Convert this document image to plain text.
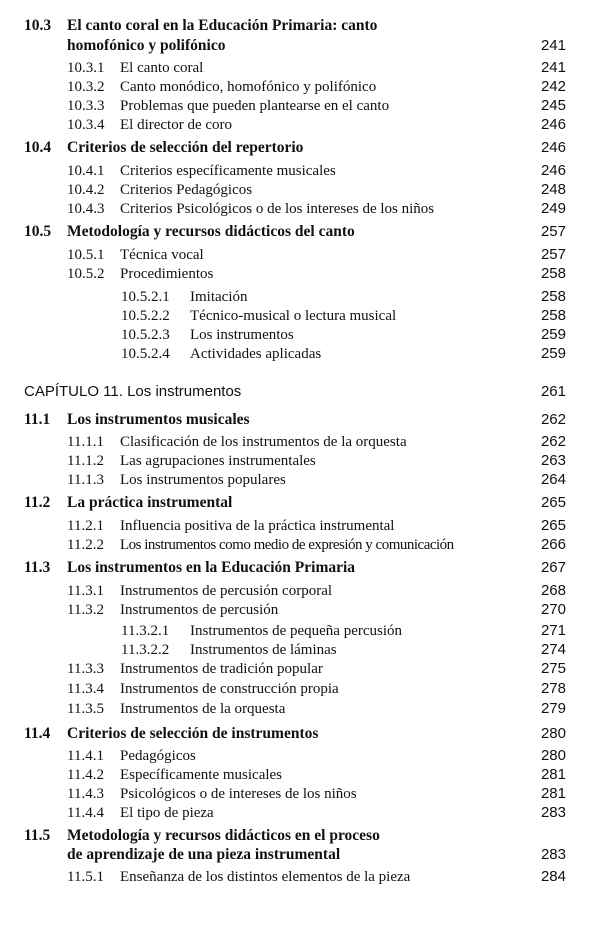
10.3 El canto coral en la Educación Primaria: canto
homofónico y polifónico	241
10.3.1 El canto coral	241
10.3.2 Canto monódico, homofónico y polifónico	242
10.3.3 Problemas que pueden plantearse en el canto	245
10.3.4 El director de coro	246
10.4 Criterios de selección del repertorio	246
10.4.1 Criterios específicamente musicales	246
10.4.2 Criterios Pedagógicos	248
10.4.3 Criterios Psicológicos o de los intereses de los niños	249
10.5 Metodología y recursos didácticos del canto	257
10.5.1 Técnica vocal	257
10.5.2 Procedimientos	258
10.5.2.1 Imitación	258
10.5.2.2 Técnico-musical o lectura musical	258
10.5.2.3 Los instrumentos	259
10.5.2.4 Actividades aplicadas	259
CAPÍTULO 11. Los instrumentos	261
11.1 Los instrumentos musicales	262
11.1.1 Clasificación de los instrumentos de la orquesta	262
11.1.2 Las agrupaciones instrumentales	263
11.1.3 Los instrumentos populares	264
11.2 La práctica instrumental	265
11.2.1 Influencia positiva de la práctica instrumental	265
11.2.2 Los instrumentos como medio de expresión y comunicación	266
11.3 Los instrumentos en la Educación Primaria	267
11.3.1 Instrumentos de percusión corporal	268
11.3.2 Instrumentos de percusión	270
11.3.2.1 Instrumentos de pequeña percusión	271
11.3.2.2 Instrumentos de láminas	274
11.3.3 Instrumentos de tradición popular	275
11.3.4 Instrumentos de construcción propia	278
11.3.5 Instrumentos de la orquesta	279
11.4 Criterios de selección de instrumentos	280
11.4.1 Pedagógicos	280
11.4.2 Específicamente musicales	281
11.4.3 Psicológicos o de intereses de los niños	281
11.4.4 El tipo de pieza	283
11.5 Metodología y recursos didácticos en el proceso
de aprendizaje de una pieza instrumental	283
11.5.1 Enseñanza de los distintos elementos de la pieza	284
